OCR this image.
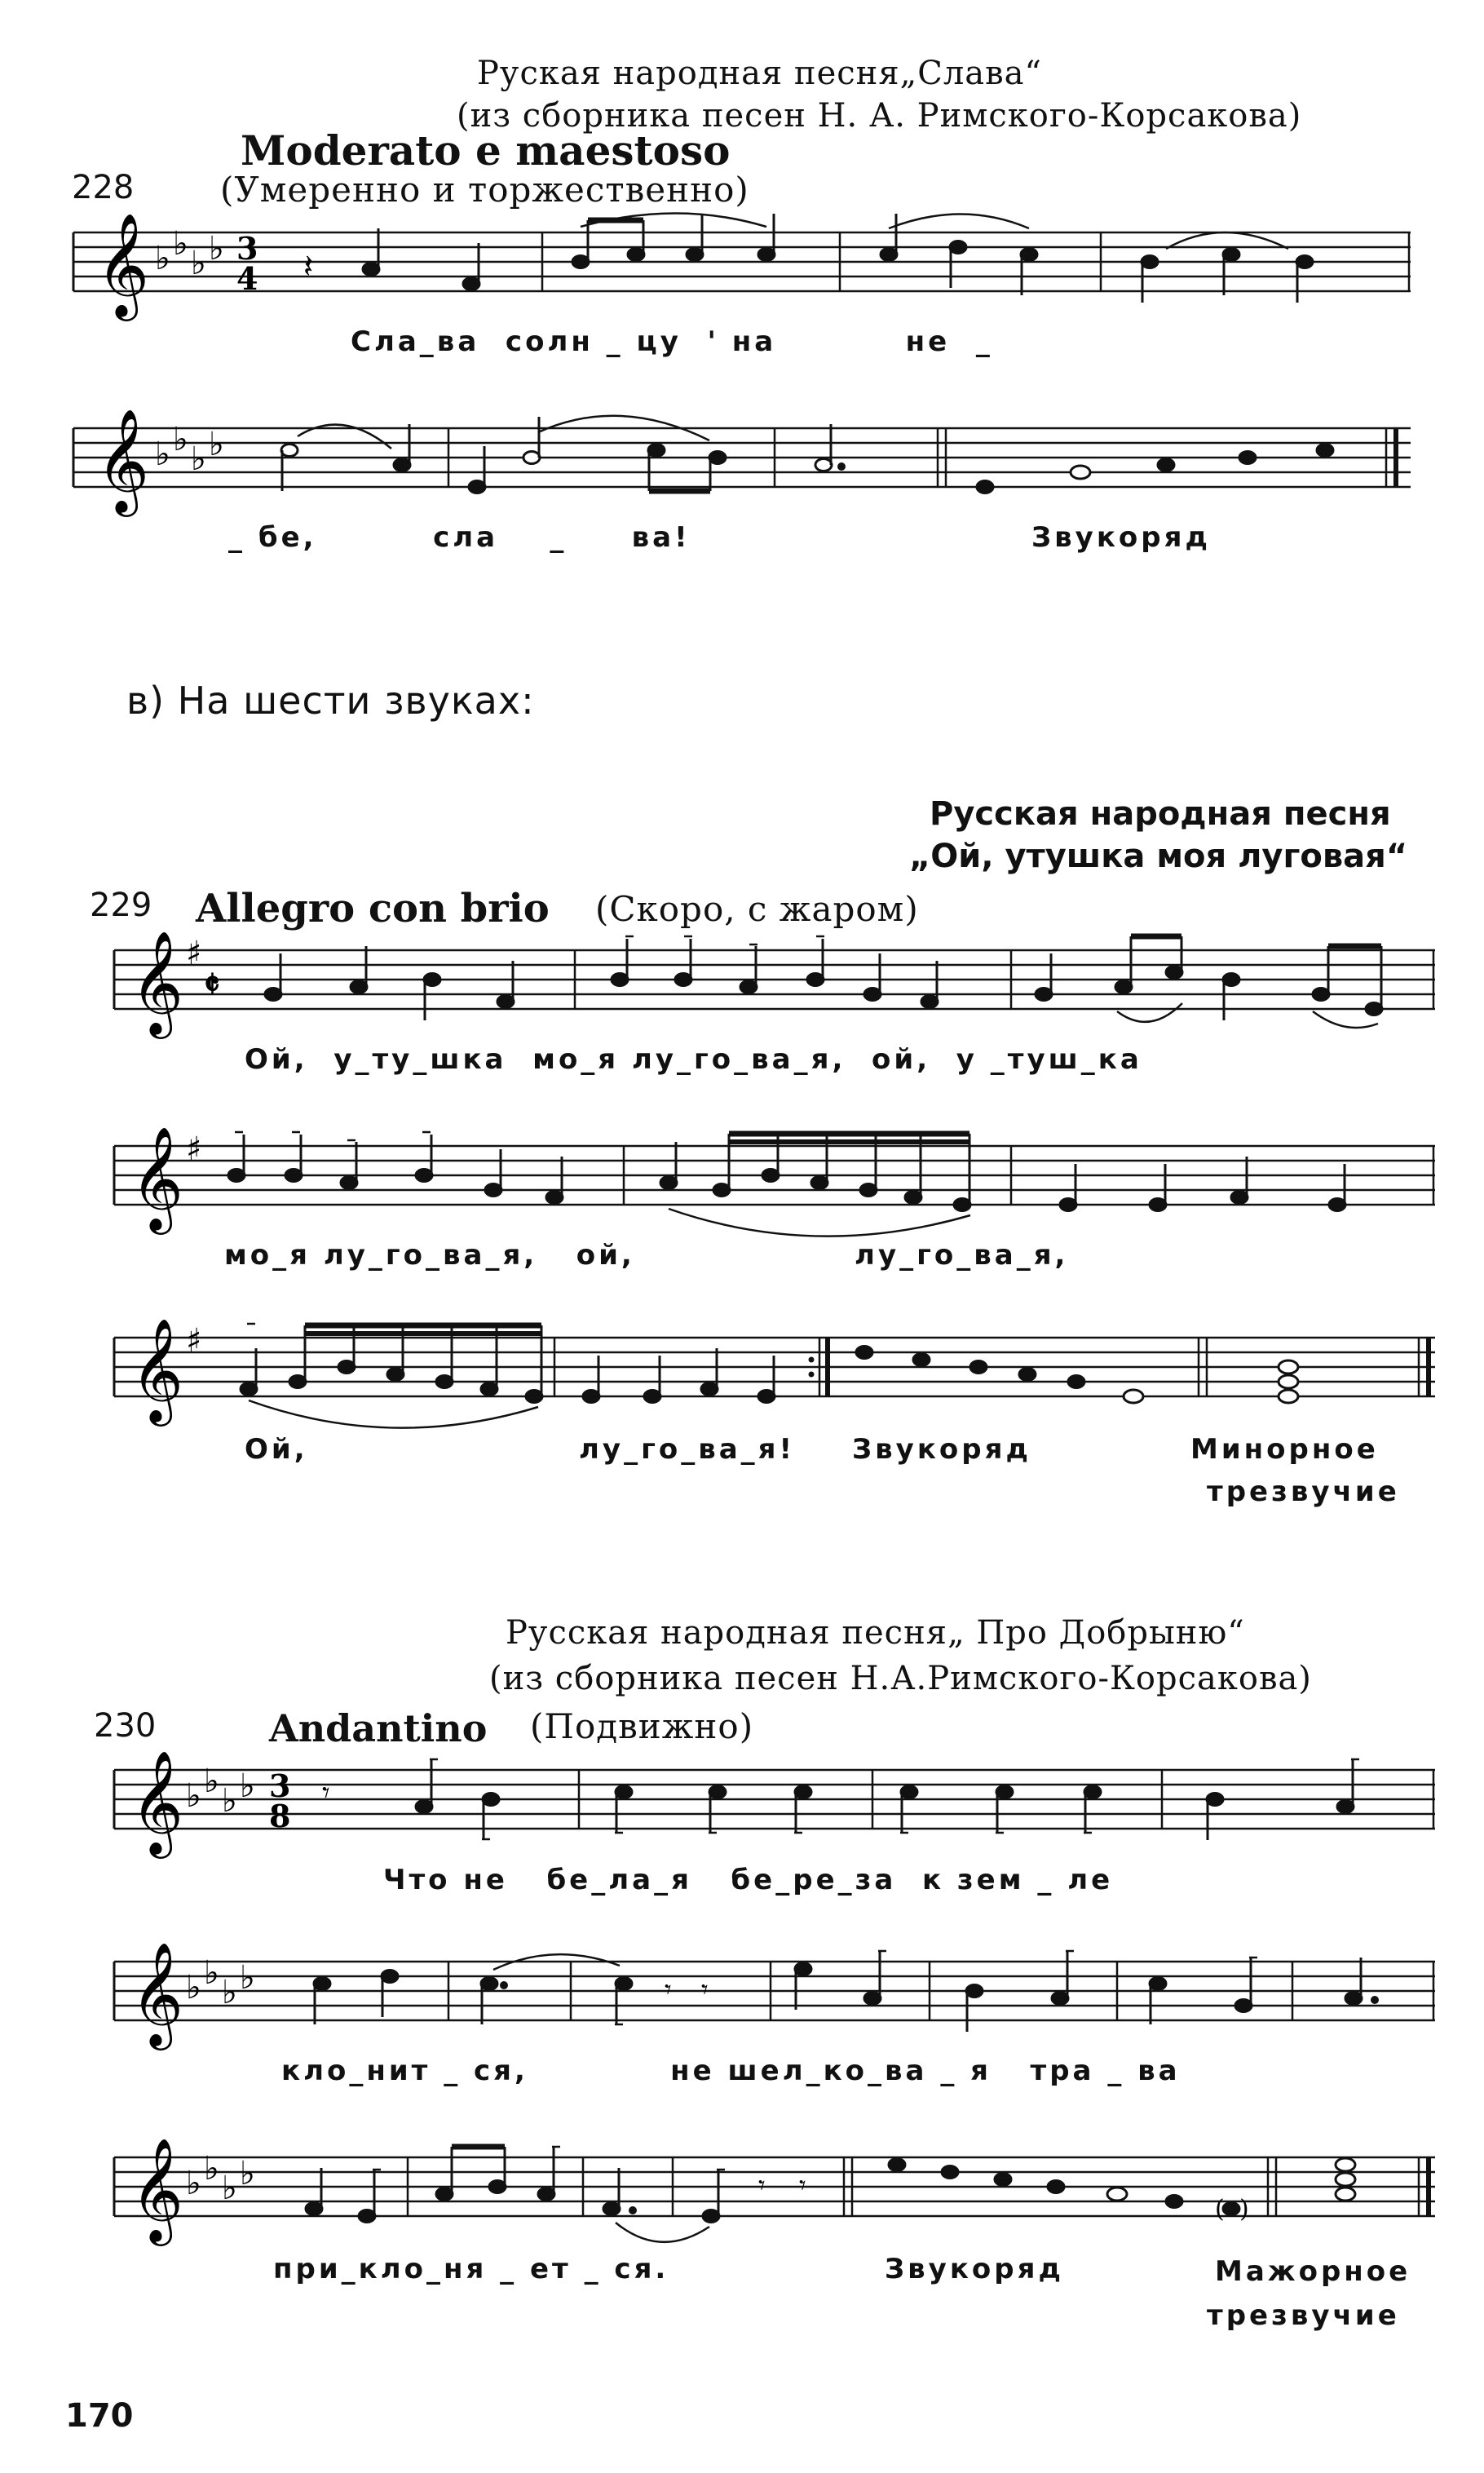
Руская народная песня„Слава“
(из сборника песен Н. А. Римского-Корсакова)
Moderato e maestoso
228	(Умеренно и торжественно)
𝄞 ♭ ♭
♭ ♭ 3
4 𝄽
Сла_ва  солн _ цу  ' на          не  _
𝄞 ♭ ♭
♭ ♭
_ бе,         сла    _     ва!	Звукоряд
в) На шести звуках:
Русская народная песня
„Ой, утушка моя луговая“
229 Allegro con brio (Скоро, с жаром)
𝄞 ♯
𝄵
Ой,  у_ту_шка  мо_я лу_го_ва_я,  ой,  у _туш_ка
𝄞 ♯
мо_я лу_го_ва_я,   ой,                 лу_го_ва_я,
𝄞 ♯
Ой,	лу_го_ва_я! Звукоряд	Минорное
трезвучие
Русская народная песня„ Про Добрыню“
(из сборника песен Н.А.Римского-Корсакова)
230	Andantino (Подвижно)
𝄞 ♭ ♭
♭ ♭ 3
8
𝄾
Что не   бе_ла_я   бе_ре_за  к зем _ ле
𝄞 ♭ ♭
♭ ♭	𝄾 𝄾
кло_нит _ ся,           не шел_ко_ва _ я   тра _ ва
𝄞 ♭ ♭
♭ ♭
( )
𝄾 𝄾
при_кло_ня _ ет _ ся.	Звукоряд	Мажорное
трезвучие
170
